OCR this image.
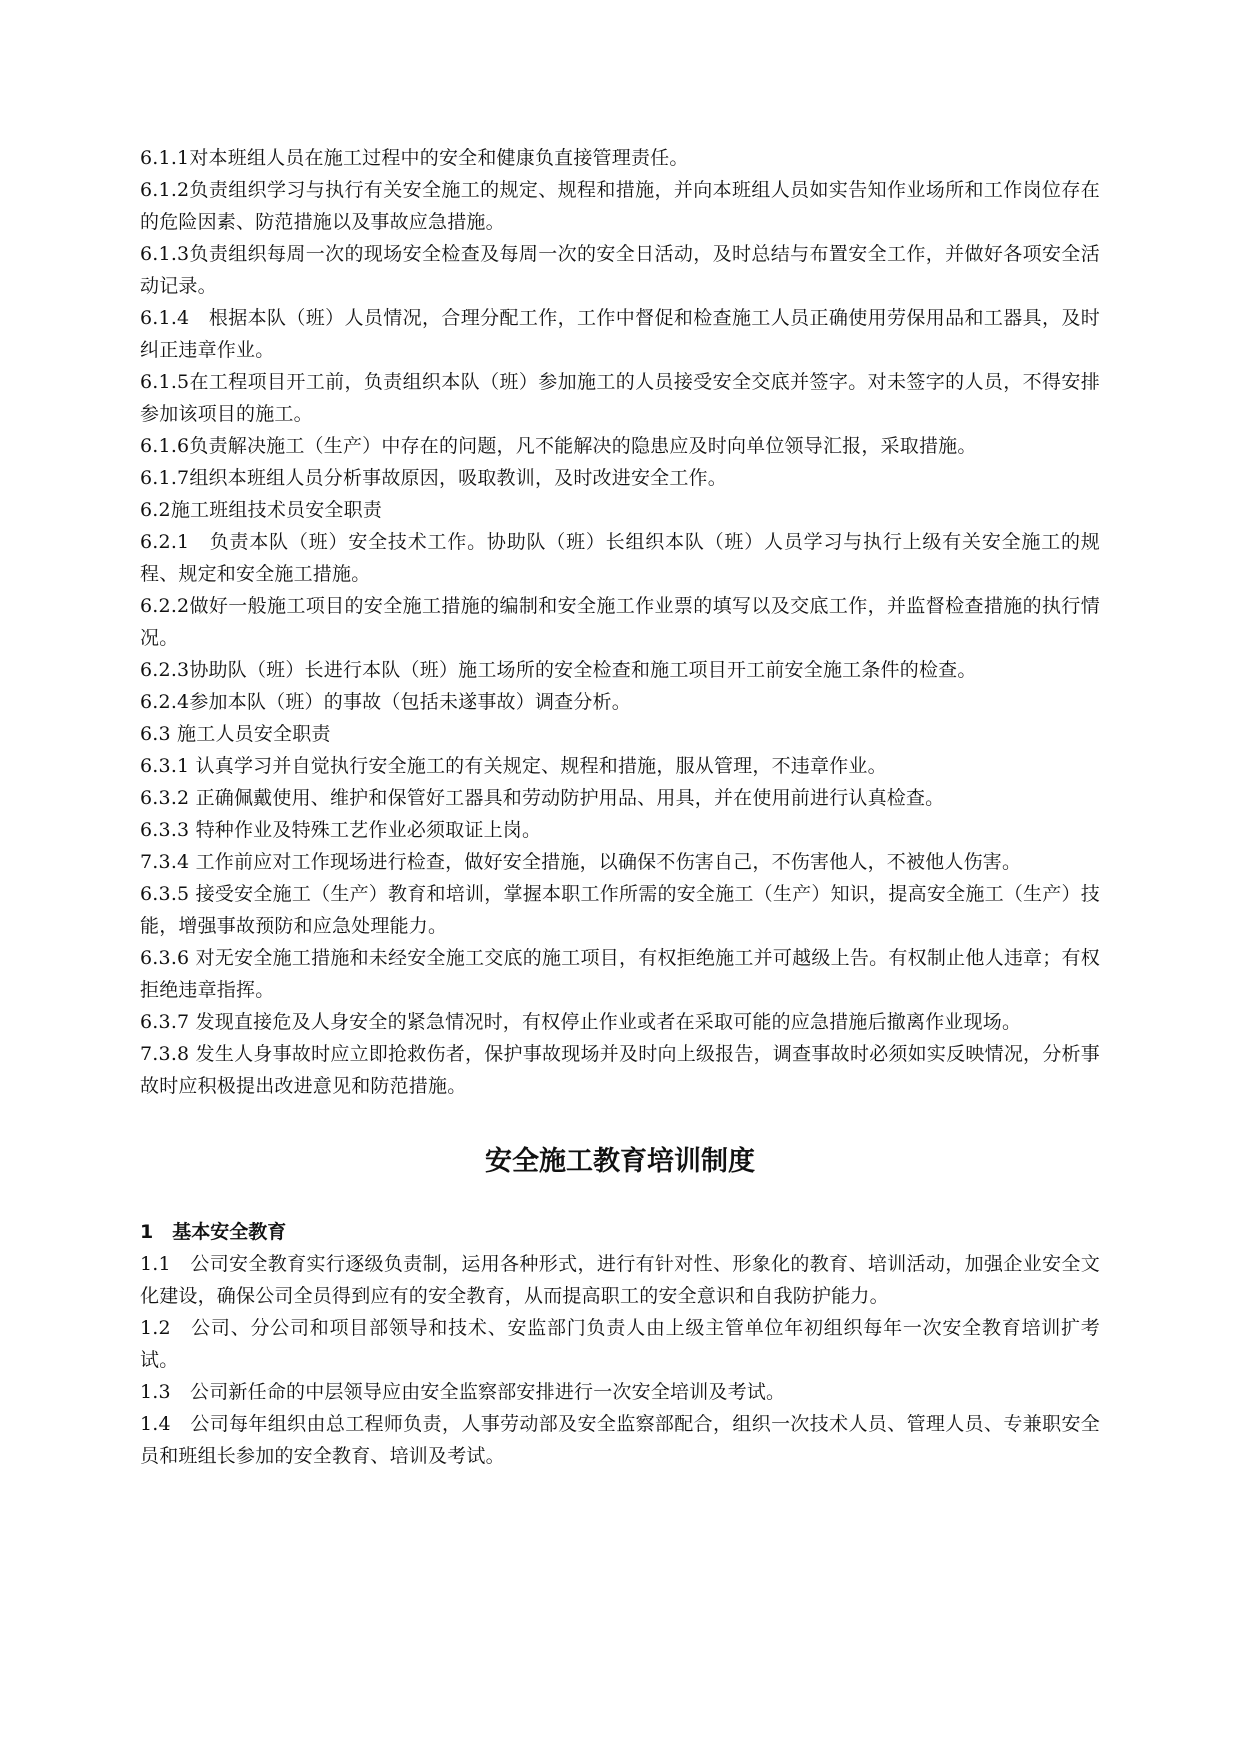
6.1.1对本班组人员在施工过程中的安全和健康负直接管理责任。

6.1.2负责组织学习与执行有关安全施工的规定、规程和措施，并向本班组人员如实告知作业场所和工作岗位存在的危险因素、防范措施以及事故应急措施。

6.1.3负责组织每周一次的现场安全检查及每周一次的安全日活动，及时总结与布置安全工作，并做好各项安全活动记录。

6.1.4　根据本队（班）人员情况，合理分配工作，工作中督促和检查施工人员正确使用劳保用品和工器具，及时纠正违章作业。

6.1.5在工程项目开工前，负责组织本队（班）参加施工的人员接受安全交底并签字。对未签字的人员，不得安排参加该项目的施工。

6.1.6负责解决施工（生产）中存在的问题，凡不能解决的隐患应及时向单位领导汇报，采取措施。

6.1.7组织本班组人员分析事故原因，吸取教训，及时改进安全工作。

6.2施工班组技术员安全职责

6.2.1　负责本队（班）安全技术工作。协助队（班）长组织本队（班）人员学习与执行上级有关安全施工的规程、规定和安全施工措施。

6.2.2做好一般施工项目的安全施工措施的编制和安全施工作业票的填写以及交底工作，并监督检查措施的执行情况。

6.2.3协助队（班）长进行本队（班）施工场所的安全检查和施工项目开工前安全施工条件的检查。

6.2.4参加本队（班）的事故（包括未遂事故）调查分析。

6.3 施工人员安全职责

6.3.1 认真学习并自觉执行安全施工的有关规定、规程和措施，服从管理，不违章作业。

6.3.2 正确佩戴使用、维护和保管好工器具和劳动防护用品、用具，并在使用前进行认真检查。

6.3.3 特种作业及特殊工艺作业必须取证上岗。

7.3.4 工作前应对工作现场进行检查，做好安全措施，以确保不伤害自己，不伤害他人，不被他人伤害。

6.3.5 接受安全施工（生产）教育和培训，掌握本职工作所需的安全施工（生产）知识，提高安全施工（生产）技能，增强事故预防和应急处理能力。

6.3.6 对无安全施工措施和未经安全施工交底的施工项目，有权拒绝施工并可越级上告。有权制止他人违章；有权拒绝违章指挥。

6.3.7 发现直接危及人身安全的紧急情况时，有权停止作业或者在采取可能的应急措施后撤离作业现场。

7.3.8 发生人身事故时应立即抢救伤者，保护事故现场并及时向上级报告，调查事故时必须如实反映情况，分析事故时应积极提出改进意见和防范措施。

安全施工教育培训制度

1　基本安全教育

1.1　公司安全教育实行逐级负责制，运用各种形式，进行有针对性、形象化的教育、培训活动，加强企业安全文化建设，确保公司全员得到应有的安全教育，从而提高职工的安全意识和自我防护能力。

1.2　公司、分公司和项目部领导和技术、安监部门负责人由上级主管单位年初组织每年一次安全教育培训扩考试。

1.3　公司新任命的中层领导应由安全监察部安排进行一次安全培训及考试。

1.4　公司每年组织由总工程师负责，人事劳动部及安全监察部配合，组织一次技术人员、管理人员、专兼职安全员和班组长参加的安全教育、培训及考试。
